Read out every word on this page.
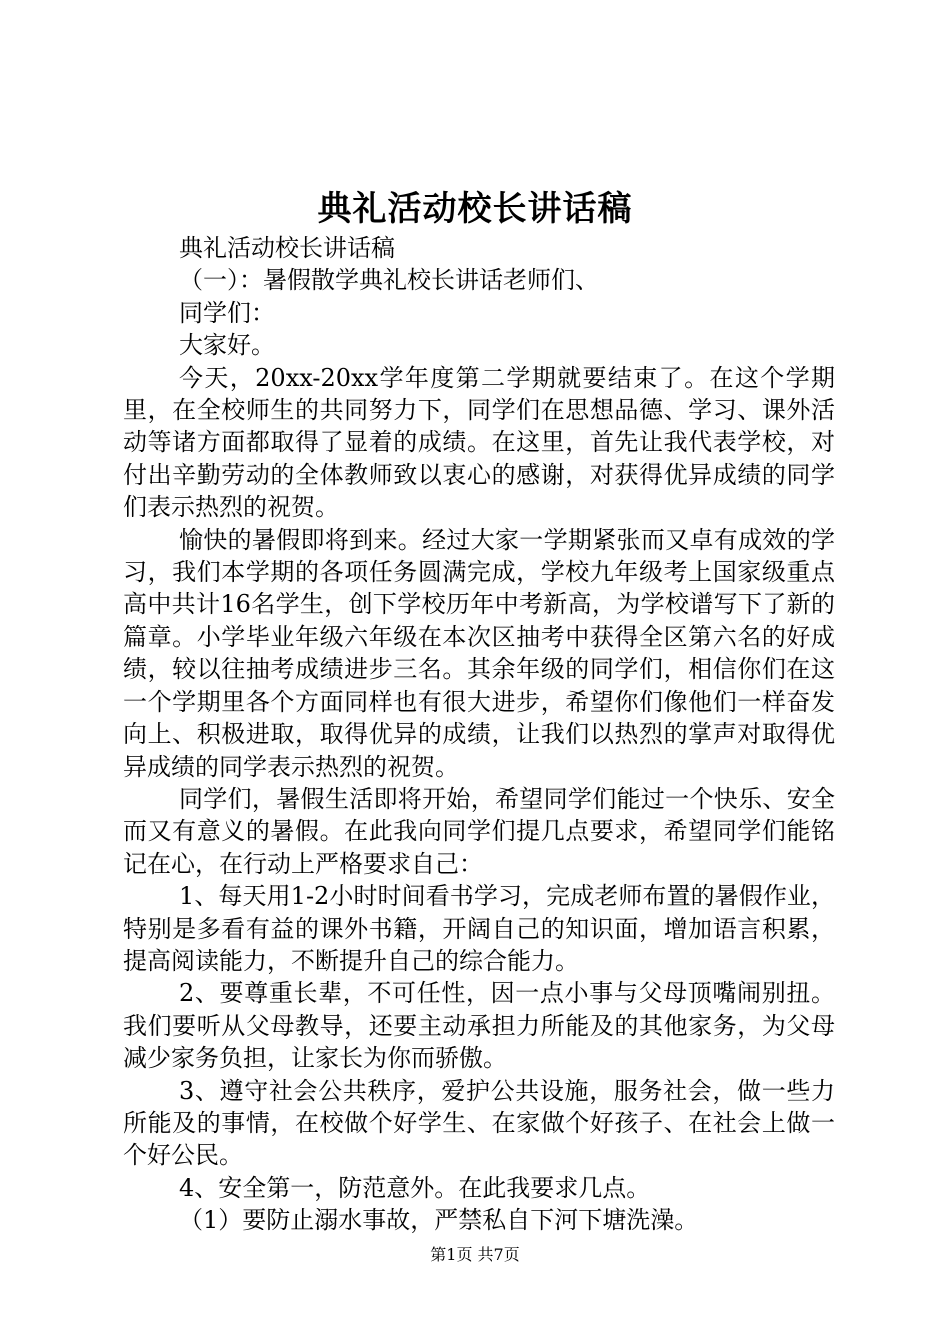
典礼活动校长讲话稿

典礼活动校长讲话稿

（一）：暑假散学典礼校长讲话老师们、

同学们：

大家好。

今天，20xx-20xx学年度第二学期就要结束了。在这个学期里，在全校师生的共同努力下，同学们在思想品德、学习、课外活动等诸方面都取得了显着的成绩。在这里，首先让我代表学校，对付出辛勤劳动的全体教师致以衷心的感谢，对获得优异成绩的同学们表示热烈的祝贺。

愉快的暑假即将到来。经过大家一学期紧张而又卓有成效的学习，我们本学期的各项任务圆满完成，学校九年级考上国家级重点高中共计16名学生，创下学校历年中考新高，为学校谱写下了新的篇章。小学毕业年级六年级在本次区抽考中获得全区第六名的好成绩，较以往抽考成绩进步三名。其余年级的同学们，相信你们在这一个学期里各个方面同样也有很大进步，希望你们像他们一样奋发向上、积极进取，取得优异的成绩，让我们以热烈的掌声对取得优异成绩的同学表示热烈的祝贺。

同学们，暑假生活即将开始，希望同学们能过一个快乐、安全而又有意义的暑假。在此我向同学们提几点要求，希望同学们能铭记在心，在行动上严格要求自己：

1、每天用1-2小时时间看书学习，完成老师布置的暑假作业，特别是多看有益的课外书籍，开阔自己的知识面，增加语言积累，提高阅读能力，不断提升自己的综合能力。

2、要尊重长辈，不可任性，因一点小事与父母顶嘴闹别扭。我们要听从父母教导，还要主动承担力所能及的其他家务，为父母减少家务负担，让家长为你而骄傲。

3、遵守社会公共秩序，爱护公共设施，服务社会，做一些力所能及的事情，在校做个好学生、在家做个好孩子、在社会上做一个好公民。

4、安全第一，防范意外。在此我要求几点。

（1）要防止溺水事故，严禁私自下河下塘洗澡。

第1页 共7页
